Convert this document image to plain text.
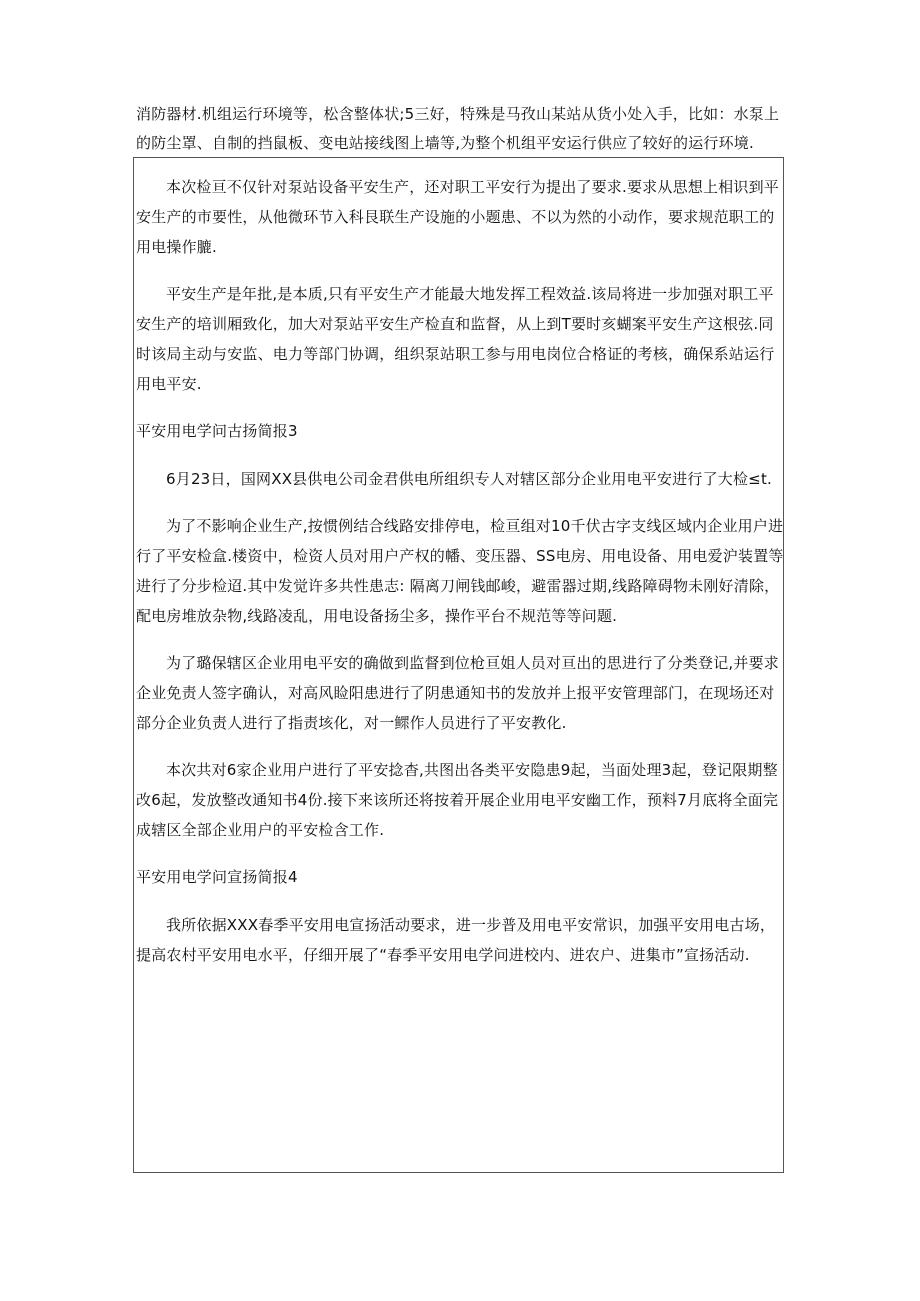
消防器材.机组运行环境等，松含整体状;5三好，特殊是马孜山某站从货小处入手，比如：水泵上的防尘罩、自制的挡鼠板、变电站接线图上墙等,为整个机组平安运行供应了较好的运行环境.

本次检亘不仅针对泵站设备平安生产，还对职工平安行为提出了要求.要求从思想上相识到平安生产的市要性，从他微环节入科艮联生产设施的小题患、不以为然的小动作，要求规范职工的用电操作膔.

平安生产是年批,是本质,只有平安生产才能最大地发挥工程效益.该局将进一步加强对职工平安生产的培训厢致化，加大对泵站平安生产检直和监督，从上到T要时亥蝴案平安生产这根弦.同时该局主动与安监、电力等部门协调，组织泵站职工参与用电岗位合格证的考核，确保系站运行用电平安.

平安用电学问古扬简报3

6月23日，国网XX县供电公司金君供电所组织专人对辖区部分企业用电平安进行了大检≤t.

为了不影响企业生产,按惯例结合线路安排停电，检亘组对10千伏古字支线区域内企业用户进行了平安检盒.楼资中，检资人员对用户产权的幡、变压器、SS电房、用电设备、用电爱沪装置等进行了分步检迢.其中发觉许多共性患志: 隔离刀闸钱邮峻，避雷器过期,线路障碍物未刚好清除，配电房堆放杂物,线路凌乱，用电设备扬尘多，操作平台不规范等等问题.

为了璐保辖区企业用电平安的确做到监督到位枪亘姐人员对亘出的思进行了分类登记,并要求企业免责人签字确认，对高风睑阳患进行了阴患通知书的发放并上报平安管理部门，在现场还对部分企业负责人进行了指责垓化，对一鳏作人员进行了平安教化.

本次共对6家企业用户进行了平安捻杳,共图出各类平安隐患9起，当面处理3起，登记限期整改6起，发放整改通知书4份.接下来该所还将按着开展企业用电平安幽工作，预料7月底将全面完成辖区全部企业用户的平安检含工作.

平安用电学问宣扬简报4

我所依据XXX春季平安用电宣扬活动要求，进一步普及用电平安常识，加强平安用电古场，提高农村平安用电水平，仔细开展了“春季平安用电学问进校内、进农户、进集市”宣扬活动.
